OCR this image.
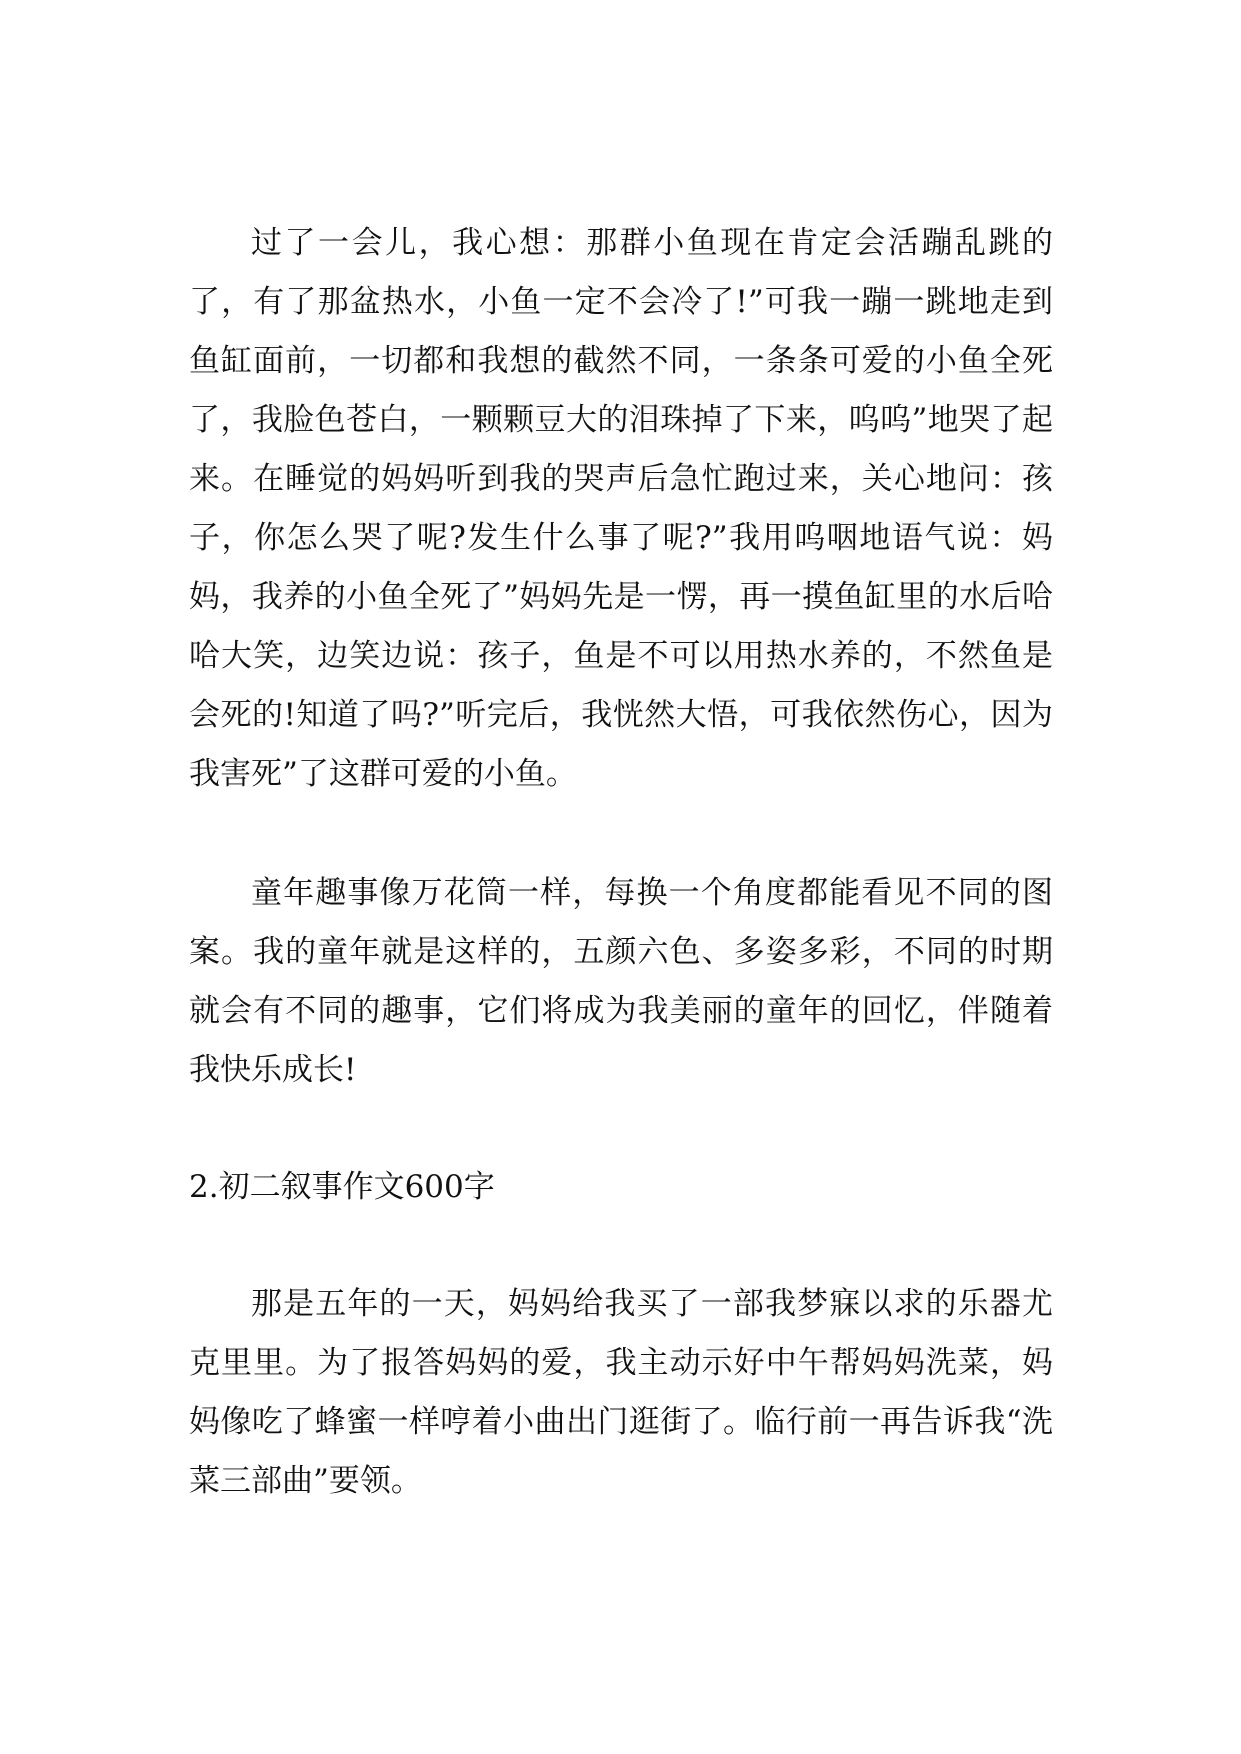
过了一会儿，我心想：那群小鱼现在肯定会活蹦乱跳的了，有了那盆热水，小鱼一定不会冷了!”可我一蹦一跳地走到鱼缸面前，一切都和我想的截然不同，一条条可爱的小鱼全死了，我脸色苍白，一颗颗豆大的泪珠掉了下来，呜呜”地哭了起来。在睡觉的妈妈听到我的哭声后急忙跑过来，关心地问：孩子，你怎么哭了呢?发生什么事了呢?”我用呜咽地语气说：妈妈，我养的小鱼全死了”妈妈先是一愣，再一摸鱼缸里的水后哈哈大笑，边笑边说：孩子，鱼是不可以用热水养的，不然鱼是会死的!知道了吗?”听完后，我恍然大悟，可我依然伤心，因为我害死”了这群可爱的小鱼。

童年趣事像万花筒一样，每换一个角度都能看见不同的图案。我的童年就是这样的，五颜六色、多姿多彩，不同的时期就会有不同的趣事，它们将成为我美丽的童年的回忆，伴随着我快乐成长!

2.初二叙事作文600字

那是五年的一天，妈妈给我买了一部我梦寐以求的乐器尤克里里。为了报答妈妈的爱，我主动示好中午帮妈妈洗菜，妈妈像吃了蜂蜜一样哼着小曲出门逛街了。临行前一再告诉我“洗菜三部曲”要领。
